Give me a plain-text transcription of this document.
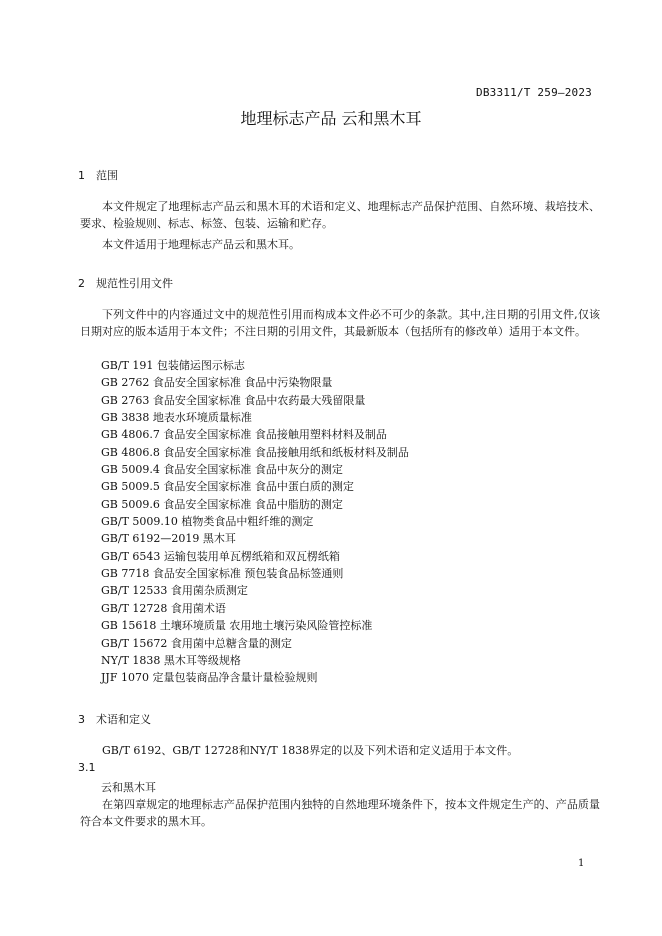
DB3311/T 259—2023
地理标志产品 云和黑木耳
1 范围
本文件规定了地理标志产品云和黑木耳的术语和定义、地理标志产品保护范围、自然环境、栽培技术、要求、检验规则、标志、标签、包装、运输和贮存。
本文件适用于地理标志产品云和黑木耳。
2 规范性引用文件
下列文件中的内容通过文中的规范性引用而构成本文件必不可少的条款。其中,注日期的引用文件,仅该日期对应的版本适用于本文件；不注日期的引用文件，其最新版本（包括所有的修改单）适用于本文件。
GB/T 191 包装储运图示标志
GB 2762 食品安全国家标准 食品中污染物限量
GB 2763 食品安全国家标准 食品中农药最大残留限量
GB 3838 地表水环境质量标准
GB 4806.7 食品安全国家标准 食品接触用塑料材料及制品
GB 4806.8 食品安全国家标准 食品接触用纸和纸板材料及制品
GB 5009.4 食品安全国家标准 食品中灰分的测定
GB 5009.5 食品安全国家标准 食品中蛋白质的测定
GB 5009.6 食品安全国家标准 食品中脂肪的测定
GB/T 5009.10 植物类食品中粗纤维的测定
GB/T 6192—2019 黑木耳
GB/T 6543 运输包装用单瓦楞纸箱和双瓦楞纸箱
GB 7718 食品安全国家标准 预包装食品标签通则
GB/T 12533 食用菌杂质测定
GB/T 12728 食用菌术语
GB 15618 土壤环境质量 农用地土壤污染风险管控标准
GB/T 15672 食用菌中总糖含量的测定
NY/T 1838 黑木耳等级规格
JJF 1070 定量包装商品净含量计量检验规则
3 术语和定义
GB/T 6192、GB/T 12728和NY/T 1838界定的以及下列术语和定义适用于本文件。
3.1
云和黑木耳
在第四章规定的地理标志产品保护范围内独特的自然地理环境条件下，按本文件规定生产的、产品质量符合本文件要求的黑木耳。
1
